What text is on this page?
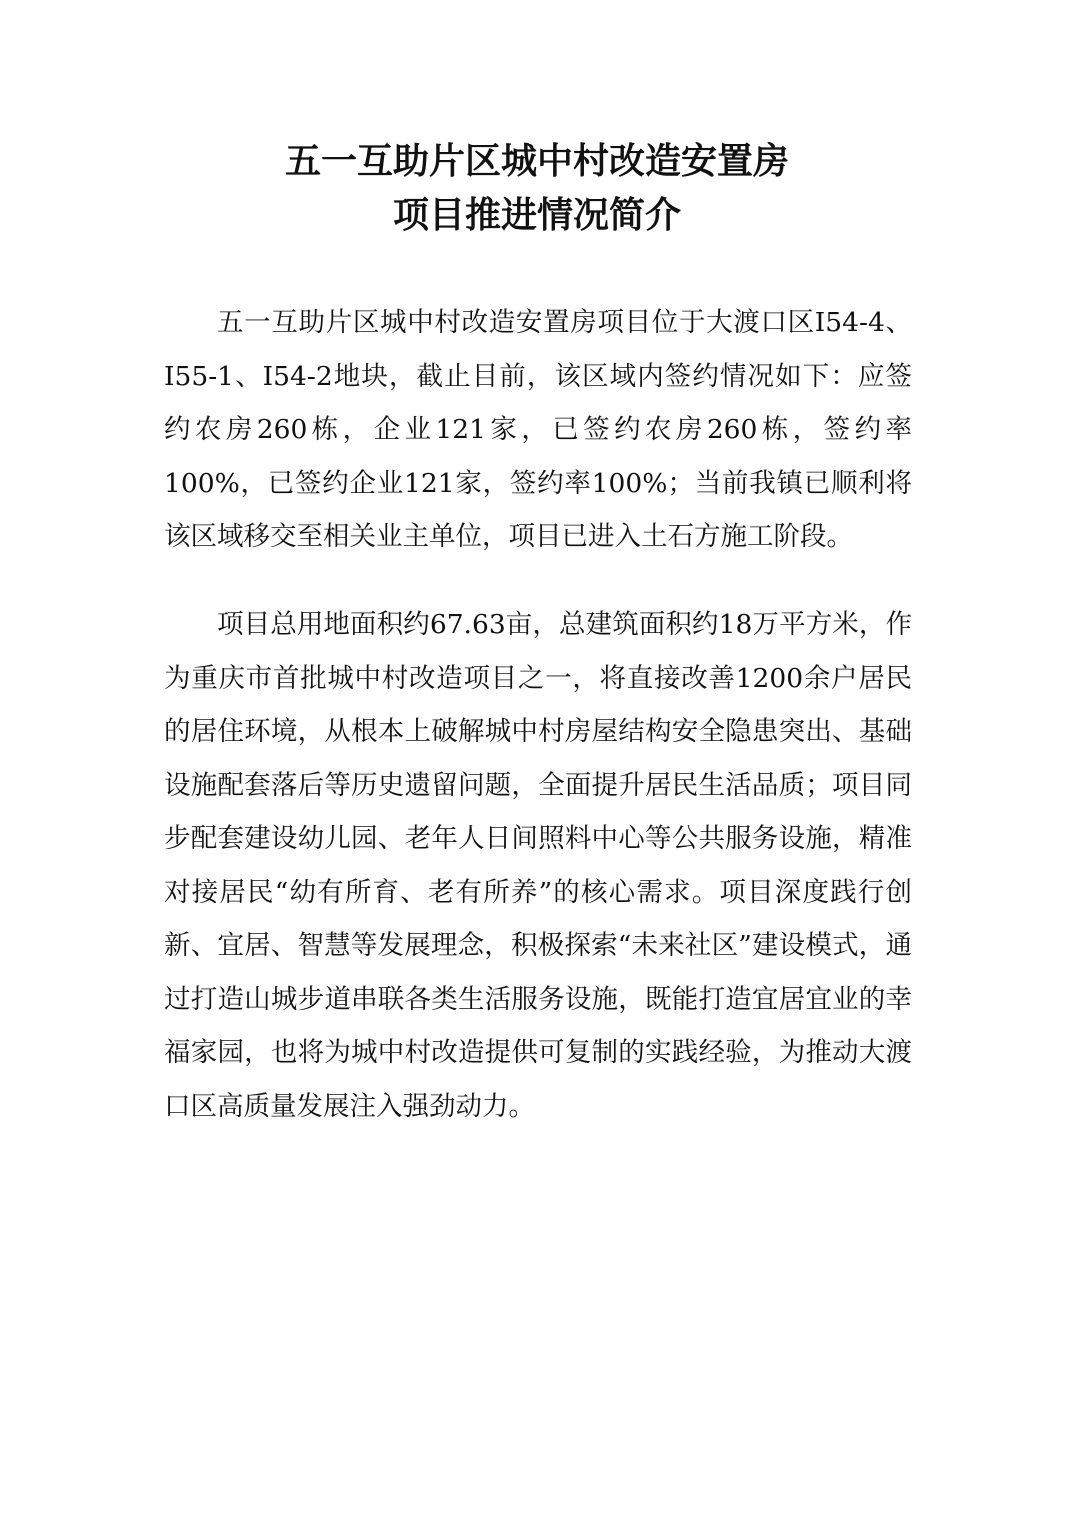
五一互助片区城中村改造安置房
项目推进情况简介

五一互助片区城中村改造安置房项目位于大渡口区I54-4、I55-1、I54-2地块，截止目前，该区域内签约情况如下：应签约农房260栋，企业121家，已签约农房260栋，签约率100%，已签约企业121家，签约率100%；当前我镇已顺利将该区域移交至相关业主单位，项目已进入土石方施工阶段。

项目总用地面积约67.63亩，总建筑面积约18万平方米，作为重庆市首批城中村改造项目之一，将直接改善1200余户居民的居住环境，从根本上破解城中村房屋结构安全隐患突出、基础设施配套落后等历史遗留问题，全面提升居民生活品质；项目同步配套建设幼儿园、老年人日间照料中心等公共服务设施，精准对接居民“幼有所育、老有所养”的核心需求。项目深度践行创新、宜居、智慧等发展理念，积极探索“未来社区”建设模式，通过打造山城步道串联各类生活服务设施，既能打造宜居宜业的幸福家园，也将为城中村改造提供可复制的实践经验，为推动大渡口区高质量发展注入强劲动力。
